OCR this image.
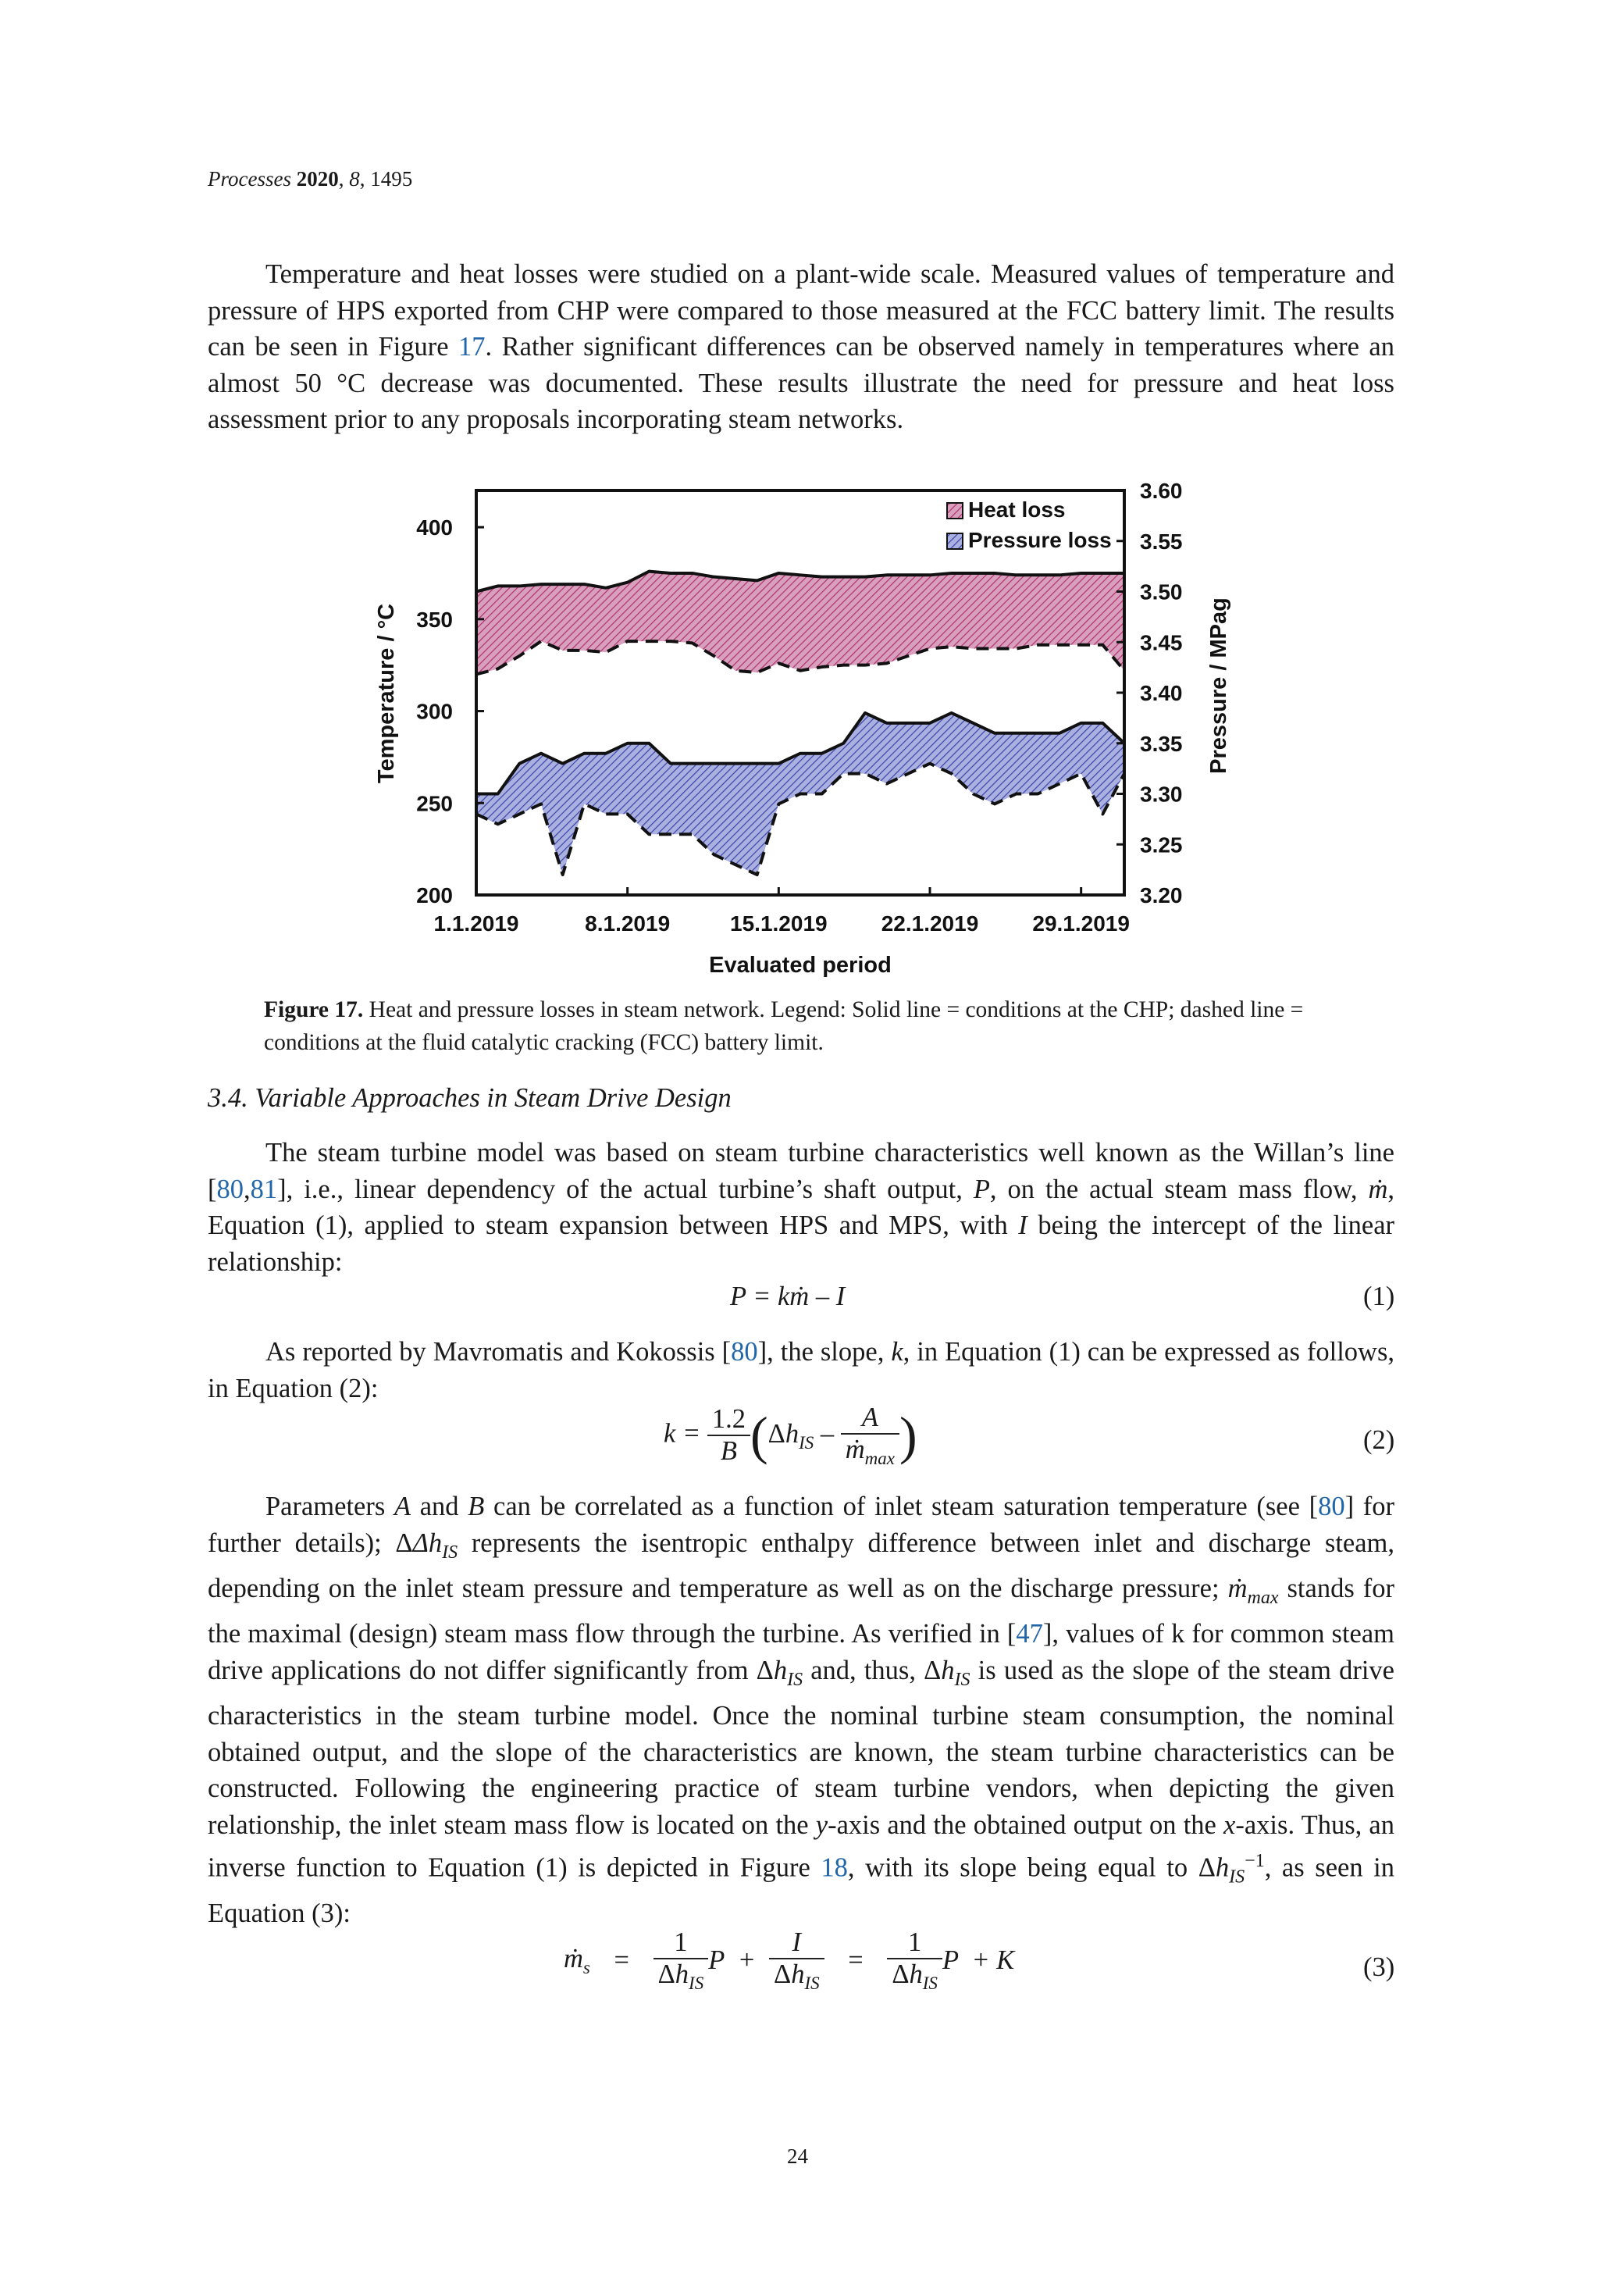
Processes 2020, 8, 1495

Temperature and heat losses were studied on a plant-wide scale. Measured values of temperature and pressure of HPS exported from CHP were compared to those measured at the FCC battery limit. The results can be seen in Figure 17. Rather significant differences can be observed namely in temperatures where an almost 50 °C decrease was documented. These results illustrate the need for pressure and heat loss assessment prior to any proposals incorporating steam networks.

200
250
300
350
400
3.20
3.25
3.30
3.35
3.40
3.45
3.50
3.55
3.60
1.1.2019	8.1.2019	15.1.2019 22.1.2019 29.1.2019
Heat loss
Pressure loss
Evaluated period
Temperature / °C	Pressure / MPag
Figure 17. Heat and pressure losses in steam network. Legend: Solid line = conditions at the CHP; dashed line = conditions at the fluid catalytic cracking (FCC) battery limit.
3.4. Variable Approaches in Steam Drive Design

The steam turbine model was based on steam turbine characteristics well known as the Willan’s line [80,81], i.e., linear dependency of the actual turbine’s shaft output, P, on the actual steam mass flow, ṁ, Equation (1), applied to steam expansion between HPS and MPS, with I being the intercept of the linear relationship:

P = kṁ – I	(1)

As reported by Mavromatis and Kokossis [80], the slope, k, in Equation (1) can be expressed as follows, in Equation (2):

$k = \frac{1.2}{B} (\Delta h_{IS} - \frac{A}{ṁ_{max}}$ )	(2)

Parameters A and B can be correlated as a function of inlet steam saturation temperature (see [80] for further details); ΔΔh$_{IS}$ represents the isentropic enthalpy difference between inlet and discharge steam, depending on the inlet steam pressure and temperature as well as on the discharge pressure; ṁ$_{max}$ stands for the maximal (design) steam mass flow through the turbine. As verified in [47], values of k for common steam drive applications do not differ significantly from $\Delta h_{IS}$ and, thus, $\Delta h_{IS}$ is used as the slope of the steam drive characteristics in the steam turbine model. Once the nominal turbine steam consumption, the nominal obtained output, and the slope of the characteristics are known, the steam turbine characteristics can be constructed. Following the engineering practice of steam turbine vendors, when depicting the given relationship, the inlet steam mass flow is located on the y-axis and the obtained output on the x-axis. Thus, an inverse function to Equation (1) is depicted in Figure 18, with its slope being equal to $\Delta h_{IS}^{-1}$, as seen in Equation (3):

ṁ$_s$ = $\frac{1}{\Delta h_{IS}}$ $P + \frac{I}{\Delta h_{IS}} = \frac{1}{\Delta h_{IS}}$ P + K	(3)
24
